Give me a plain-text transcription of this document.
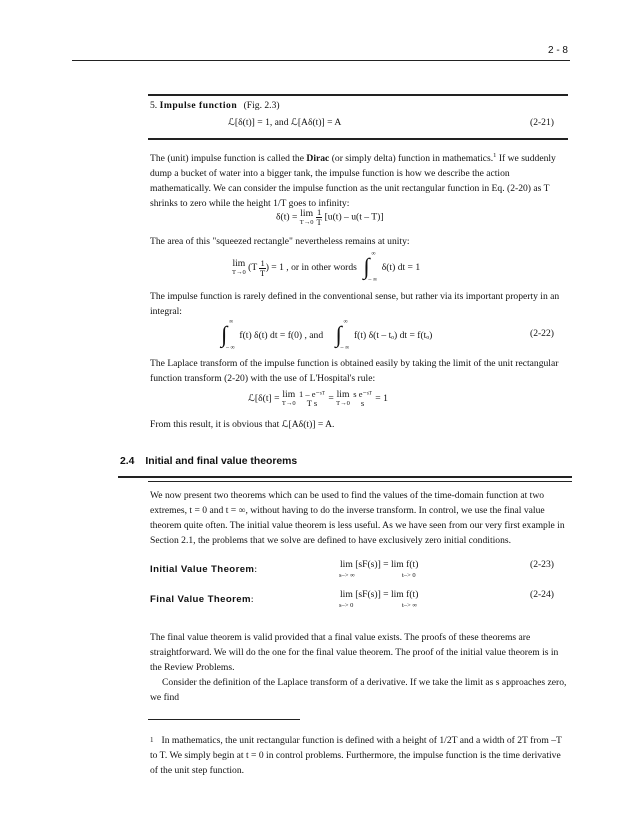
2 - 8
5. Impulse function (Fig. 2.3)
ℒ[δ(t)] = 1, and ℒ[Aδ(t)] = A	(2-21)
The (unit) impulse function is called the Dirac (or simply delta) function in mathematics.$^1$ If we suddenly dump a bucket of water into a bigger tank, the impulse function is how we describe the action mathematically. We can consider the impulse function as the unit rectangular function in Eq. (2-20) as T shrinks to zero while the height 1/T goes to infinity:
δ(t) = lim
T→0
$\frac{1}{T} [u(t) - u(t - T)]$
The area of this "squeezed rectangle" nevertheless remains at unity:
lim
T→0 ($T \frac{1}{T}$ ) = 1 , or in other words ∫ ∞
– ∞
δ(t) dt = 1
The impulse function is rarely defined in the conventional sense, but rather via its important property in an integral:
∫ ∞
– ∞
f(t) δ(t) dt = f(0) , and ∫ ∞
– ∞
f(t) δ(t – tₒ) dt = f(tₒ)	(2-22)
The Laplace transform of the impulse function is obtained easily by taking the limit of the unit rectangular function transform (2-20) with the use of L'Hospital's rule:
ℒ[δ(t] = lim
T→0

1 – e⁻ˢᵀ
T s	= lim
T→0

s e⁻ˢᵀ
s	= 1
From this result, it is obvious that ℒ[Aδ(t)] = A.
2.4 Initial and final value theorems
We now present two theorems which can be used to find the values of the time-domain function at two extremes, t = 0 and t = ∞, without having to do the inverse transform. In control, we use the final value theorem quite often. The initial value theorem is less useful. As we have seen from our very first example in Section 2.1, the problems that we solve are defined to have exclusively zero initial conditions.
Initial Value Theorem:	lim [sF(s)] = lim f(t)
s–> ∞	t–> 0
(2-23)
Final Value Theorem:	lim [sF(s)] = lim f(t)
s–> 0	t–> ∞
(2-24)
The final value theorem is valid provided that a final value exists. The proofs of these theorems are straightforward. We will do the one for the final value theorem. The proof of the initial value theorem is in the Review Problems.
Consider the definition of the Laplace transform of a derivative. If we take the limit as s approaches zero, we find
$^1$ In mathematics, the unit rectangular function is defined with a height of 1/2T and a width of 2T from –T to T. We simply begin at t = 0 in control problems. Furthermore, the impulse function is the time derivative of the unit step function.
